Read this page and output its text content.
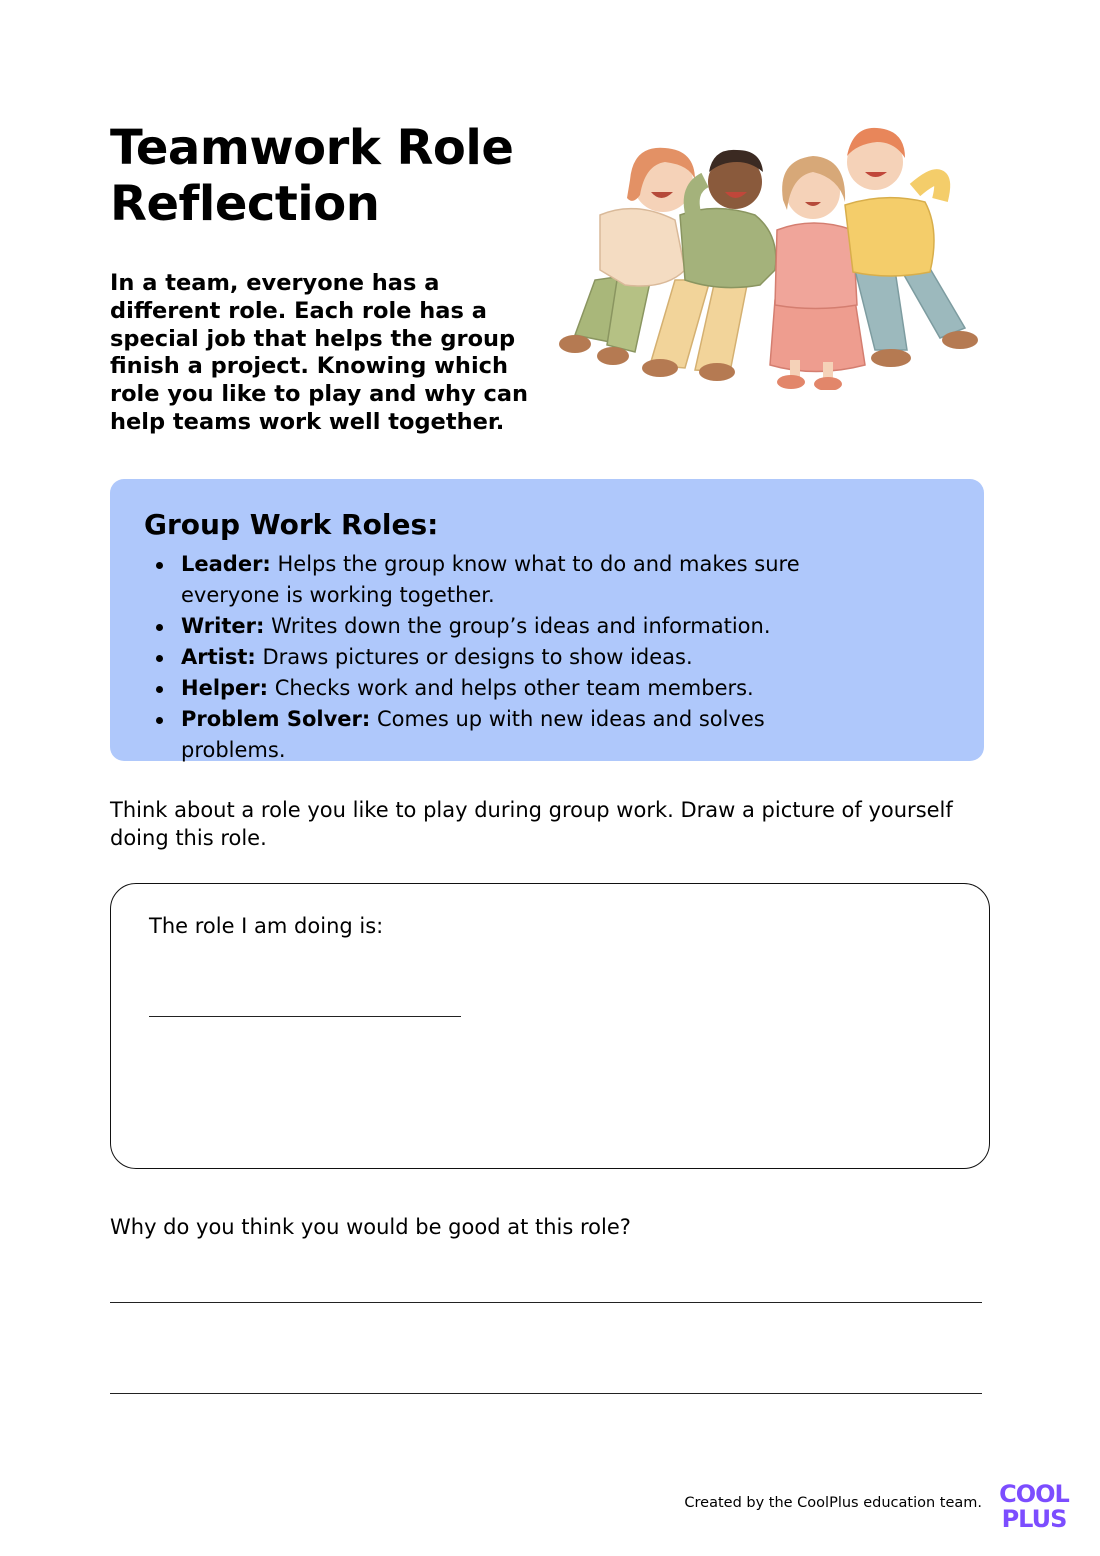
Teamwork Role Reflection

In a team, everyone has a different role. Each role has a special job that helps the group finish a project. Knowing which role you like to play and why can help teams work well together.

Group Work Roles:
Leader: Helps the group know what to do and makes sure everyone is working together.
Writer: Writes down the group’s ideas and information.
Artist: Draws pictures or designs to show ideas.
Helper: Checks work and helps other team members.
Problem Solver: Comes up with new ideas and solves problems.

Think about a role you like to play during group work. Draw a picture of yourself doing this role.

The role I am doing is:

Why do you think you would be good at this role?

Created by the CoolPlus education team. COOL
PLUS
